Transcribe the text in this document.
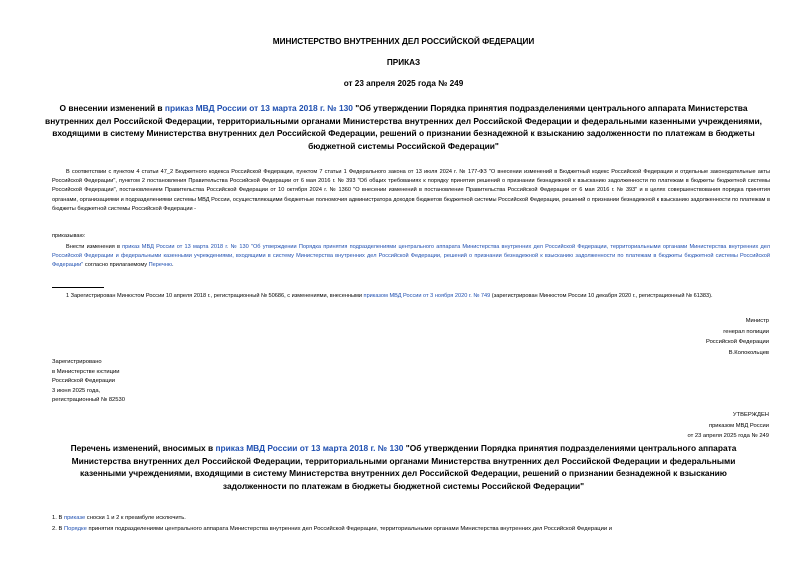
МИНИСТЕРСТВО ВНУТРЕННИХ ДЕЛ РОССИЙСКОЙ ФЕДЕРАЦИИ
ПРИКАЗ
от 23 апреля 2025 года № 249
О внесении изменений в приказ МВД России от 13 марта 2018 г. № 130 "Об утверждении Порядка принятия подразделениями центрального аппарата Министерства внутренних дел Российской Федерации, территориальными органами Министерства внутренних дел Российской Федерации и федеральными казенными учреждениями, входящими в систему Министерства внутренних дел Российской Федерации, решений о признании безнадежной к взысканию задолженности по платежам в бюджеты бюджетной системы Российской Федерации"
В соответствии с пунктом 4 статьи 47_2 Бюджетного кодекса Российской Федерации, пунктом 7 статьи 1 Федерального закона от 13 июля 2024 г. № 177-ФЗ "О внесении изменений в Бюджетный кодекс Российской Федерации и отдельные законодательные акты Российской Федерации", пунктом 2 постановления Правительства Российской Федерации от 6 мая 2016 г. № 393 "Об общих требованиях к порядку принятия решений о признании безнадежной к взысканию задолженности по платежам в бюджеты бюджетной системы Российской Федерации", постановлением Правительства Российской Федерации от 10 октября 2024 г. № 1360 "О внесении изменений в постановление Правительства Российской Федерации от 6 мая 2016 г. № 393" и в целях совершенствования порядка принятия органами, организациями и подразделениями системы МВД России, осуществляющими бюджетные полномочия администратора доходов бюджетов бюджетной системы Российской Федерации, решений о признании безнадежной к взысканию задолженности по платежам в бюджеты бюджетной системы Российской Федерации -
приказываю:
Внести изменения в приказ МВД России от 13 марта 2018 г. № 130 "Об утверждении Порядка принятия подразделениями центрального аппарата Министерства внутренних дел Российской Федерации, территориальными органами Министерства внутренних дел Российской Федерации и федеральными казенными учреждениями, входящими в систему Министерства внутренних дел Российской Федерации, решений о признании безнадежной к взысканию задолженности по платежам в бюджеты бюджетной системы Российской Федерации" согласно прилагаемому Перечню.
1 Зарегистрирован Минюстом России 10 апреля 2018 г., регистрационный № 50686, с изменениями, внесенными приказом МВД России от 3 ноября 2020 г. № 749 (зарегистрирован Минюстом России 10 декабря 2020 г., регистрационный № 61383).
Министр
генерал полиции
Российской Федерации
В.Колокольцев
Зарегистрировано
в Министерстве юстиции
Российской Федерации
3 июня 2025 года,
регистрационный № 82530
УТВЕРЖДЕН
приказом МВД России
от 23 апреля 2025 года № 249
Перечень изменений, вносимых в приказ МВД России от 13 марта 2018 г. № 130 "Об утверждении Порядка принятия подразделениями центрального аппарата Министерства внутренних дел Российской Федерации, территориальными органами Министерства внутренних дел Российской Федерации и федеральными казенными учреждениями, входящими в систему Министерства внутренних дел Российской Федерации, решений о признании безнадежной к взысканию задолженности по платежам в бюджеты бюджетной системы Российской Федерации"
1. В приказе сноски 1 и 2 к преамбуле исключить.
2. В Порядке принятия подразделениями центрального аппарата Министерства внутренних дел Российской Федерации, территориальными органами Министерства внутренних дел Российской Федерации и
